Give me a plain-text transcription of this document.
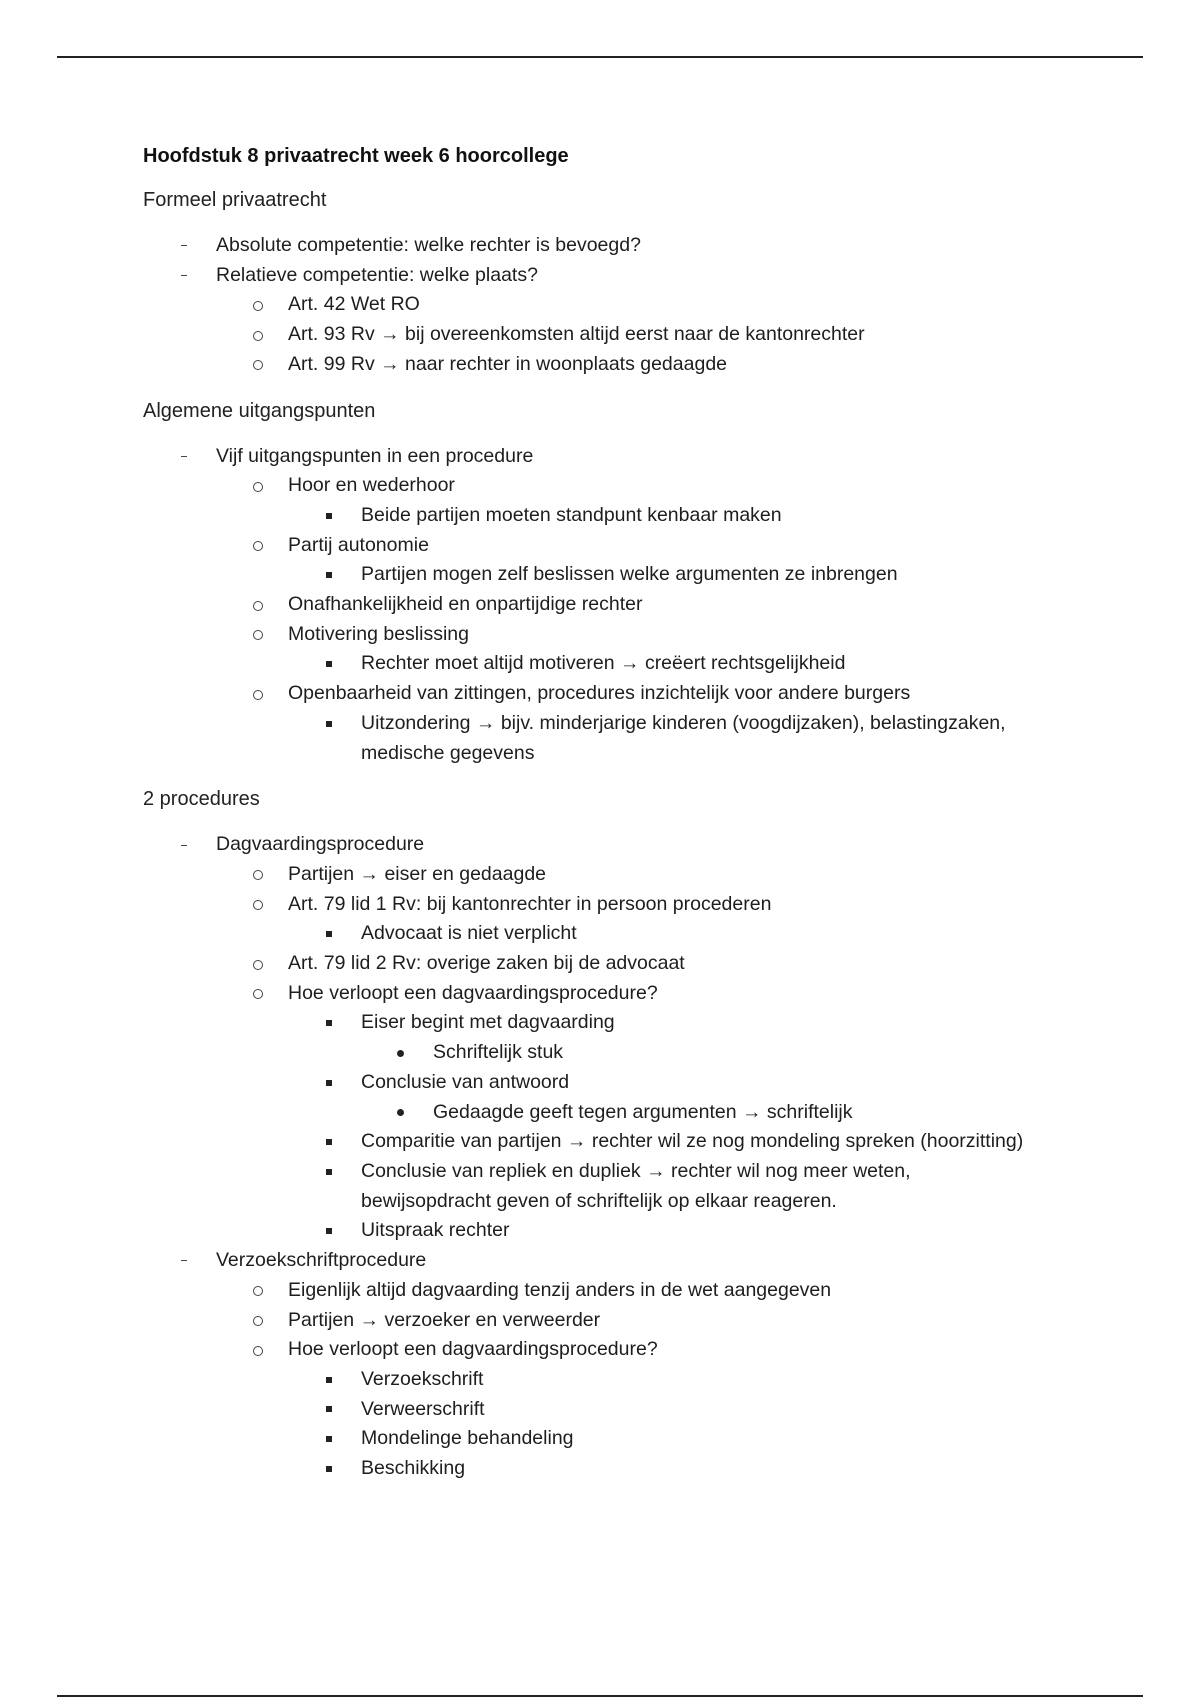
Hoofdstuk 8 privaatrecht week 6 hoorcollege
Formeel privaatrecht
Absolute competentie: welke rechter is bevoegd?
Relatieve competentie: welke plaats?
Art. 42 Wet RO
Art. 93 Rv → bij overeenkomsten altijd eerst naar de kantonrechter
Art. 99 Rv → naar rechter in woonplaats gedaagde
Algemene uitgangspunten
Vijf uitgangspunten in een procedure
Hoor en wederhoor
Beide partijen moeten standpunt kenbaar maken
Partij autonomie
Partijen mogen zelf beslissen welke argumenten ze inbrengen
Onafhankelijkheid en onpartijdige rechter
Motivering beslissing
Rechter moet altijd motiveren → creëert rechtsgelijkheid
Openbaarheid van zittingen, procedures inzichtelijk voor andere burgers
Uitzondering → bijv. minderjarige kinderen (voogdijzaken), belastingzaken,
medische gegevens
2 procedures
Dagvaardingsprocedure
Partijen → eiser en gedaagde
Art. 79 lid 1 Rv: bij kantonrechter in persoon procederen
Advocaat is niet verplicht
Art. 79 lid 2 Rv: overige zaken bij de advocaat
Hoe verloopt een dagvaardingsprocedure?
Eiser begint met dagvaarding
Schriftelijk stuk
Conclusie van antwoord
Gedaagde geeft tegen argumenten → schriftelijk
Comparitie van partijen → rechter wil ze nog mondeling spreken (hoorzitting)
Conclusie van repliek en dupliek → rechter wil nog meer weten,
bewijsopdracht geven of schriftelijk op elkaar reageren.
Uitspraak rechter
Verzoekschriftprocedure
Eigenlijk altijd dagvaarding tenzij anders in de wet aangegeven
Partijen → verzoeker en verweerder
Hoe verloopt een dagvaardingsprocedure?
Verzoekschrift
Verweerschrift
Mondelinge behandeling
Beschikking
